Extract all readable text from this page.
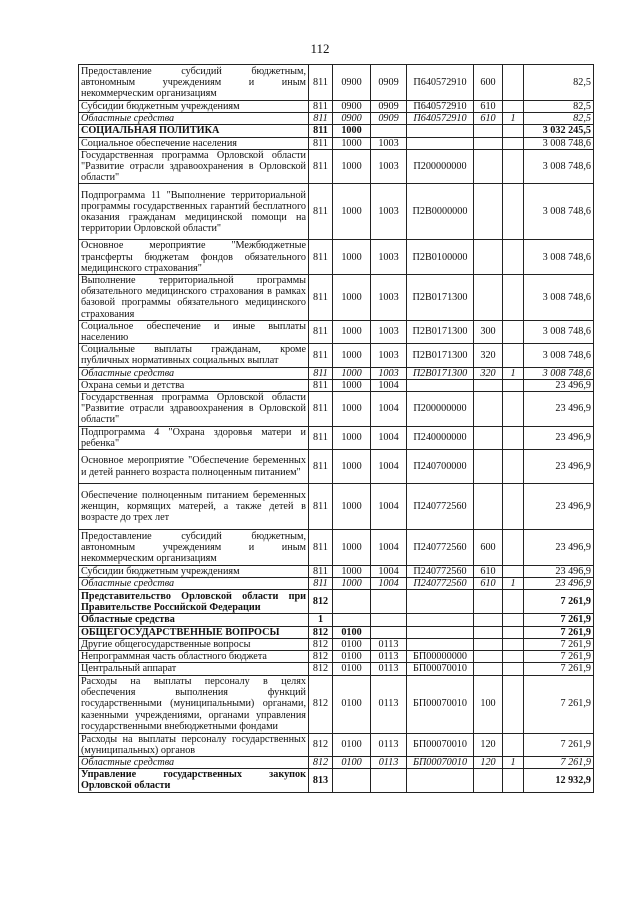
112
Предоставление субсидий бюджетным, автономным учреждениям и иным некоммерческим организациям	811	0900	0909	П640572910	600		82,5
Субсидии бюджетным учреждениям	811	0900	0909	П640572910	610		82,5
Областные средства	811	0900	0909	П640572910	610	1	82,5
СОЦИАЛЬНАЯ ПОЛИТИКА	811	1000					3 032 245,5
Социальное обеспечение населения	811	1000	1003				3 008 748,6
Государственная программа Орловской области "Развитие отрасли здравоохранения в Орловской области"	811	1000	1003	П200000000			3 008 748,6
Подпрограмма 11 "Выполнение территориальной программы государственных гарантий бесплатного оказания гражданам медицинской помощи на территории Орловской области"	811	1000	1003	П2В0000000			3 008 748,6
Основное мероприятие "Межбюджетные трансферты бюджетам фондов обязательного медицинского страхования"	811	1000	1003	П2В0100000			3 008 748,6
Выполнение территориальной программы обязательного медицинского страхования в рамках базовой программы обязательного медицинского страхования	811	1000	1003	П2В0171300			3 008 748,6
Социальное обеспечение и иные выплаты населению	811	1000	1003	П2В0171300	300		3 008 748,6
Социальные выплаты гражданам, кроме публичных нормативных социальных выплат	811	1000	1003	П2В0171300	320		3 008 748,6
Областные средства	811	1000	1003	П2В0171300	320	1	3 008 748,6
Охрана семьи и детства	811	1000	1004				23 496,9
Государственная программа Орловской области "Развитие отрасли здравоохранения в Орловской области"	811	1000	1004	П200000000			23 496,9
Подпрограмма 4 "Охрана здоровья матери и ребенка"	811	1000	1004	П240000000			23 496,9
Основное мероприятие "Обеспечение беременных и детей раннего возраста полноценным питанием"	811	1000	1004	П240700000			23 496,9
Обеспечение полноценным питанием беременных женщин, кормящих матерей, а также детей в возрасте до трех лет	811	1000	1004	П240772560			23 496,9
Предоставление субсидий бюджетным, автономным учреждениям и иным некоммерческим организациям	811	1000	1004	П240772560	600		23 496,9
Субсидии бюджетным учреждениям	811	1000	1004	П240772560	610		23 496,9
Областные средства	811	1000	1004	П240772560	610	1	23 496,9
Представительство Орловской области при Правительстве Российской Федерации	812						7 261,9
Областные средства	1						7 261,9
ОБЩЕГОСУДАРСТВЕННЫЕ ВОПРОСЫ	812	0100					7 261,9
Другие общегосударственные вопросы	812	0100	0113				7 261,9
Непрограммная часть областного бюджета	812	0100	0113	БП00000000			7 261,9
Центральный аппарат	812	0100	0113	БП00070010			7 261,9
Расходы на выплаты персоналу в целях обеспечения выполнения функций государственными (муниципальными) органами, казенными учреждениями, органами управления государственными внебюджетными фондами	812	0100	0113	БП00070010	100		7 261,9
Расходы на выплаты персоналу государственных (муниципальных) органов	812	0100	0113	БП00070010	120		7 261,9
Областные средства	812	0100	0113	БП00070010	120	1	7 261,9
Управление государственных закупок Орловской области	813						12 932,9
